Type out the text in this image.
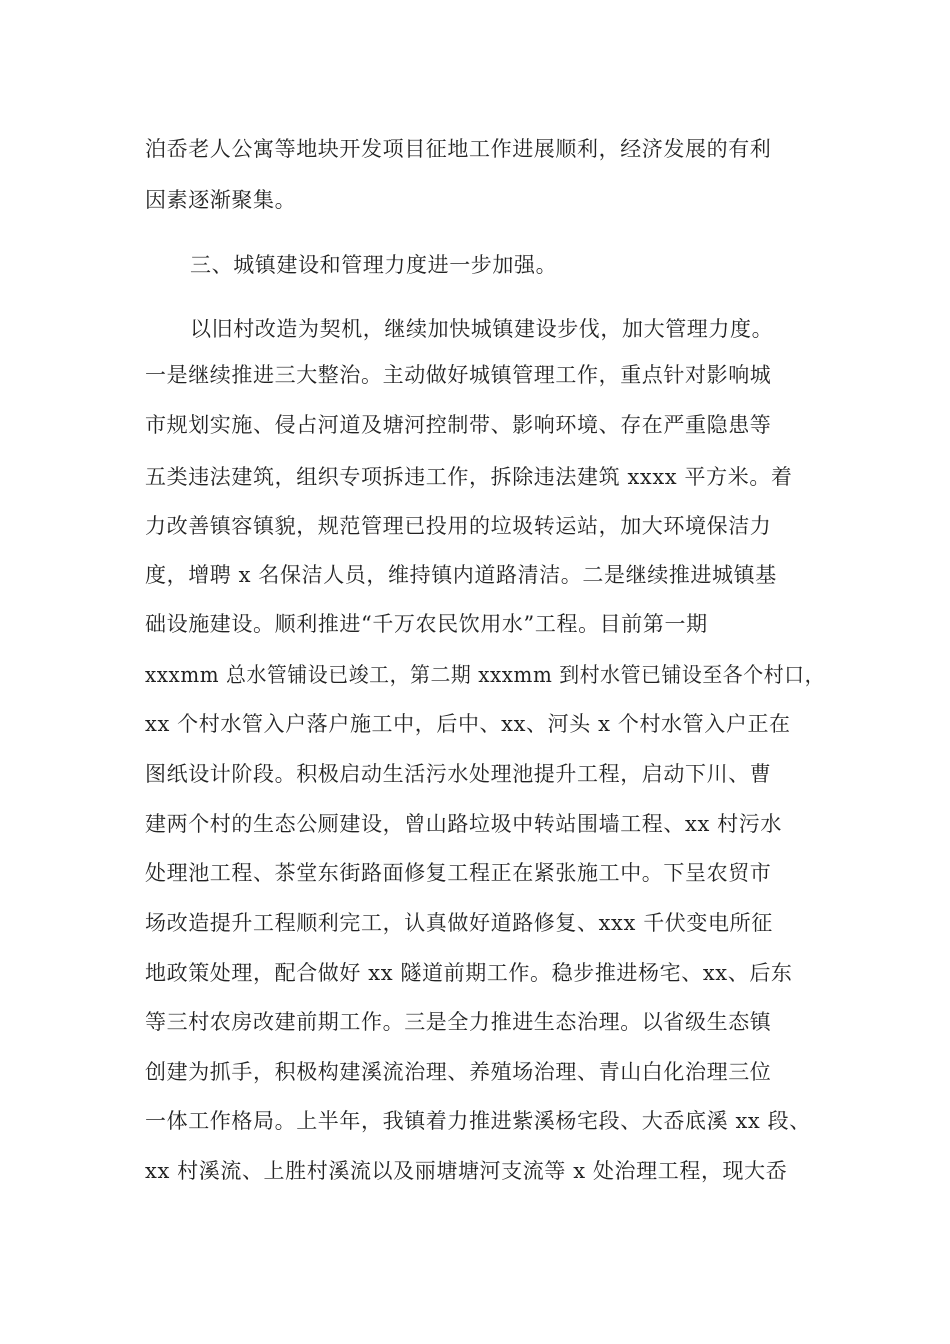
泊岙老人公寓等地块开发项目征地工作进展顺利，经济发展的有利
因素逐渐聚集。
三、城镇建设和管理力度进一步加强。
以旧村改造为契机，继续加快城镇建设步伐，加大管理力度。
一是继续推进三大整治。主动做好城镇管理工作，重点针对影响城
市规划实施、侵占河道及塘河控制带、影响环境、存在严重隐患等
五类违法建筑，组织专项拆违工作，拆除违法建筑 xxxx 平方米。着
力改善镇容镇貌，规范管理已投用的垃圾转运站，加大环境保洁力
度，增聘 x 名保洁人员，维持镇内道路清洁。二是继续推进城镇基
础设施建设。顺利推进“千万农民饮用水”工程。目前第一期
xxxmm 总水管铺设已竣工，第二期 xxxmm 到村水管已铺设至各个村口，
xx 个村水管入户落户施工中，后中、xx、河头 x 个村水管入户正在
图纸设计阶段。积极启动生活污水处理池提升工程，启动下川、曹
建两个村的生态公厕建设，曾山路垃圾中转站围墙工程、xx 村污水
处理池工程、茶堂东街路面修复工程正在紧张施工中。下呈农贸市
场改造提升工程顺利完工，认真做好道路修复、xxx 千伏变电所征
地政策处理，配合做好 xx 隧道前期工作。稳步推进杨宅、xx、后东
等三村农房改建前期工作。三是全力推进生态治理。以省级生态镇
创建为抓手，积极构建溪流治理、养殖场治理、青山白化治理三位
一体工作格局。上半年，我镇着力推进紫溪杨宅段、大岙底溪 xx 段、
xx 村溪流、上胜村溪流以及丽塘塘河支流等 x 处治理工程，现大岙
